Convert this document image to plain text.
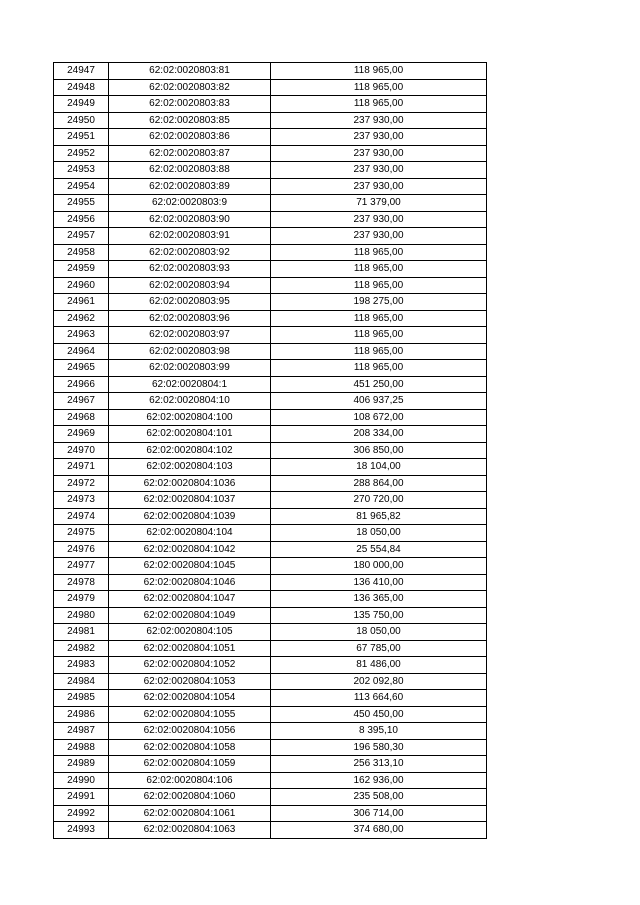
24947	62:02:0020803:81	118 965,00
24948	62:02:0020803:82	118 965,00
24949	62:02:0020803:83	118 965,00
24950	62:02:0020803:85	237 930,00
24951	62:02:0020803:86	237 930,00
24952	62:02:0020803:87	237 930,00
24953	62:02:0020803:88	237 930,00
24954	62:02:0020803:89	237 930,00
24955	62:02:0020803:9	71 379,00
24956	62:02:0020803:90	237 930,00
24957	62:02:0020803:91	237 930,00
24958	62:02:0020803:92	118 965,00
24959	62:02:0020803:93	118 965,00
24960	62:02:0020803:94	118 965,00
24961	62:02:0020803:95	198 275,00
24962	62:02:0020803:96	118 965,00
24963	62:02:0020803:97	118 965,00
24964	62:02:0020803:98	118 965,00
24965	62:02:0020803:99	118 965,00
24966	62:02:0020804:1	451 250,00
24967	62:02:0020804:10	406 937,25
24968	62:02:0020804:100	108 672,00
24969	62:02:0020804:101	208 334,00
24970	62:02:0020804:102	306 850,00
24971	62:02:0020804:103	18 104,00
24972	62:02:0020804:1036	288 864,00
24973	62:02:0020804:1037	270 720,00
24974	62:02:0020804:1039	81 965,82
24975	62:02:0020804:104	18 050,00
24976	62:02:0020804:1042	25 554,84
24977	62:02:0020804:1045	180 000,00
24978	62:02:0020804:1046	136 410,00
24979	62:02:0020804:1047	136 365,00
24980	62:02:0020804:1049	135 750,00
24981	62:02:0020804:105	18 050,00
24982	62:02:0020804:1051	67 785,00
24983	62:02:0020804:1052	81 486,00
24984	62:02:0020804:1053	202 092,80
24985	62:02:0020804:1054	113 664,60
24986	62:02:0020804:1055	450 450,00
24987	62:02:0020804:1056	8 395,10
24988	62:02:0020804:1058	196 580,30
24989	62:02:0020804:1059	256 313,10
24990	62:02:0020804:106	162 936,00
24991	62:02:0020804:1060	235 508,00
24992	62:02:0020804:1061	306 714,00
24993	62:02:0020804:1063	374 680,00
